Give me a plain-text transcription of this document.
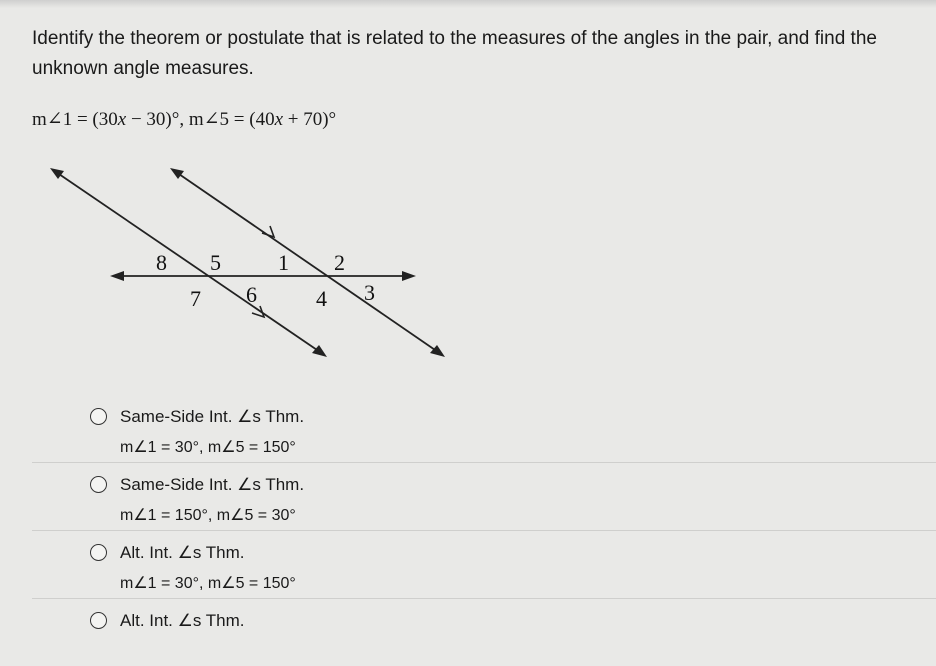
Identify the theorem or postulate that is related to the measures of the angles in the pair, and find the unknown angle measures.
m∠1 = (30x − 30)°, m∠5 = (40x + 70)°
8 5	1 2
7 6	4 3
Same-Side Int. ∠s Thm.
m∠1 = 30°, m∠5 = 150°
Same-Side Int. ∠s Thm.
m∠1 = 150°, m∠5 = 30°
Alt. Int. ∠s Thm.
m∠1 = 30°, m∠5 = 150°
Alt. Int. ∠s Thm.
